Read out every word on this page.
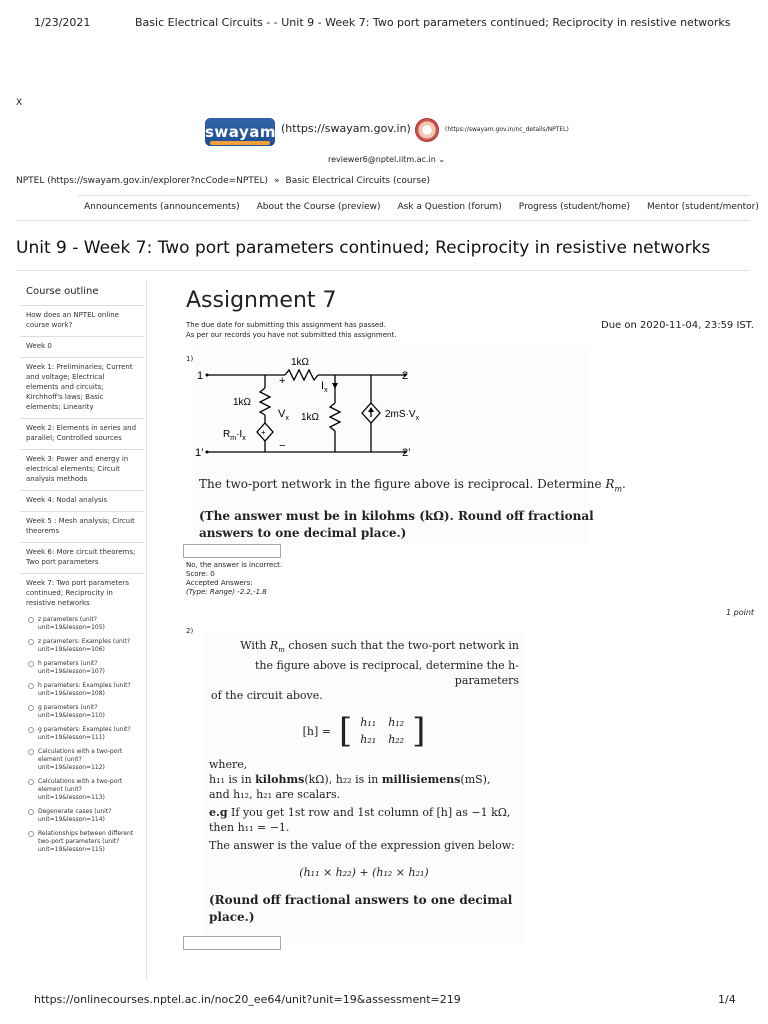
1/23/2021	Basic Electrical Circuits - - Unit 9 - Week 7: Two port parameters continued; Reciprocity in resistive networks
X
swayam (https://swayam.gov.in)	(https://swayam.gov.in/nc_details/NPTEL)
reviewer6@nptel.iitm.ac.in ⌄
NPTEL (https://swayam.gov.in/explorer?ncCode=NPTEL) » Basic Electrical Circuits (course)
Announcements (announcements) About the Course (preview) Ask a Question (forum) Progress (student/home) Mentor (student/mentor)
Unit 9 - Week 7: Two port parameters continued; Reciprocity in resistive networks
Course outline
How does an NPTEL online course work?
Week 0
Week 1: Preliminaries; Current and voltage; Electrical elements and circuits; Kirchhoff's laws; Basic elements; Linearity
Week 2: Elements in series and parallel; Controlled sources
Week 3: Power and energy in electrical elements; Circuit analysis methods
Week 4: Nodal analysis
Week 5 : Mesh analysis; Circuit theorems
Week 6: More circuit theorems; Two port parameters
Week 7: Two port parameters continued; Reciprocity in resistive networks
z parameters (unit?unit=19&lesson=105)
z parameters: Examples (unit?unit=19&lesson=106)
h parameters (unit?unit=19&lesson=107)
h parameters: Examples (unit?unit=19&lesson=108)
g parameters (unit?unit=19&lesson=110)
g parameters: Examples (unit?unit=19&lesson=111)
Calculations with a two-port element (unit?unit=19&lesson=112)
Calculations with a two-port element (unit?unit=19&lesson=113)
Degenerate cases (unit?unit=19&lesson=114)
Relationships between different two-port parameters (unit?unit=19&lesson=115)
Assignment 7
The due date for submitting this assignment has passed.
As per our records you have not submitted this assignment.
Due on 2020-11-04, 23:59 IST.
1)
1
1’
2
2’
1kΩ
1kΩ
1kΩ
+
−
$V_x$
$I_x$
+
$R_m\cdot I_x$
$2mS\cdot V_x$
The two-port network in the figure above is reciprocal. Determine $R_m$.
(The answer must be in kilohms (kΩ). Round off fractional answers to one decimal place.)
No, the answer is incorrect.
Score: 0
Accepted Answers:
(Type: Range) -2.2,-1.8
1 point
2)

With $R_m$ chosen such that the two-port network in

the figure above is reciprocal, determine the h-parameters

of the circuit above.

[h] = [ h₁₁ h₁₂
h₂₁ h₂₂ ]

where,

h₁₁ is in kilohms(kΩ), h₂₂ is in millisiemens(mS),

and h₁₂, h₂₁ are scalars.

e.g If you get 1st row and 1st column of [h] as −1 kΩ,

then h₁₁ = −1.

The answer is the value of the expression given below:

(h₁₁ × h₂₂) + (h₁₂ × h₂₁)

(Round off fractional answers to one decimal place.)

https://onlinecourses.nptel.ac.in/noc20_ee64/unit?unit=19&assessment=219	1/4
